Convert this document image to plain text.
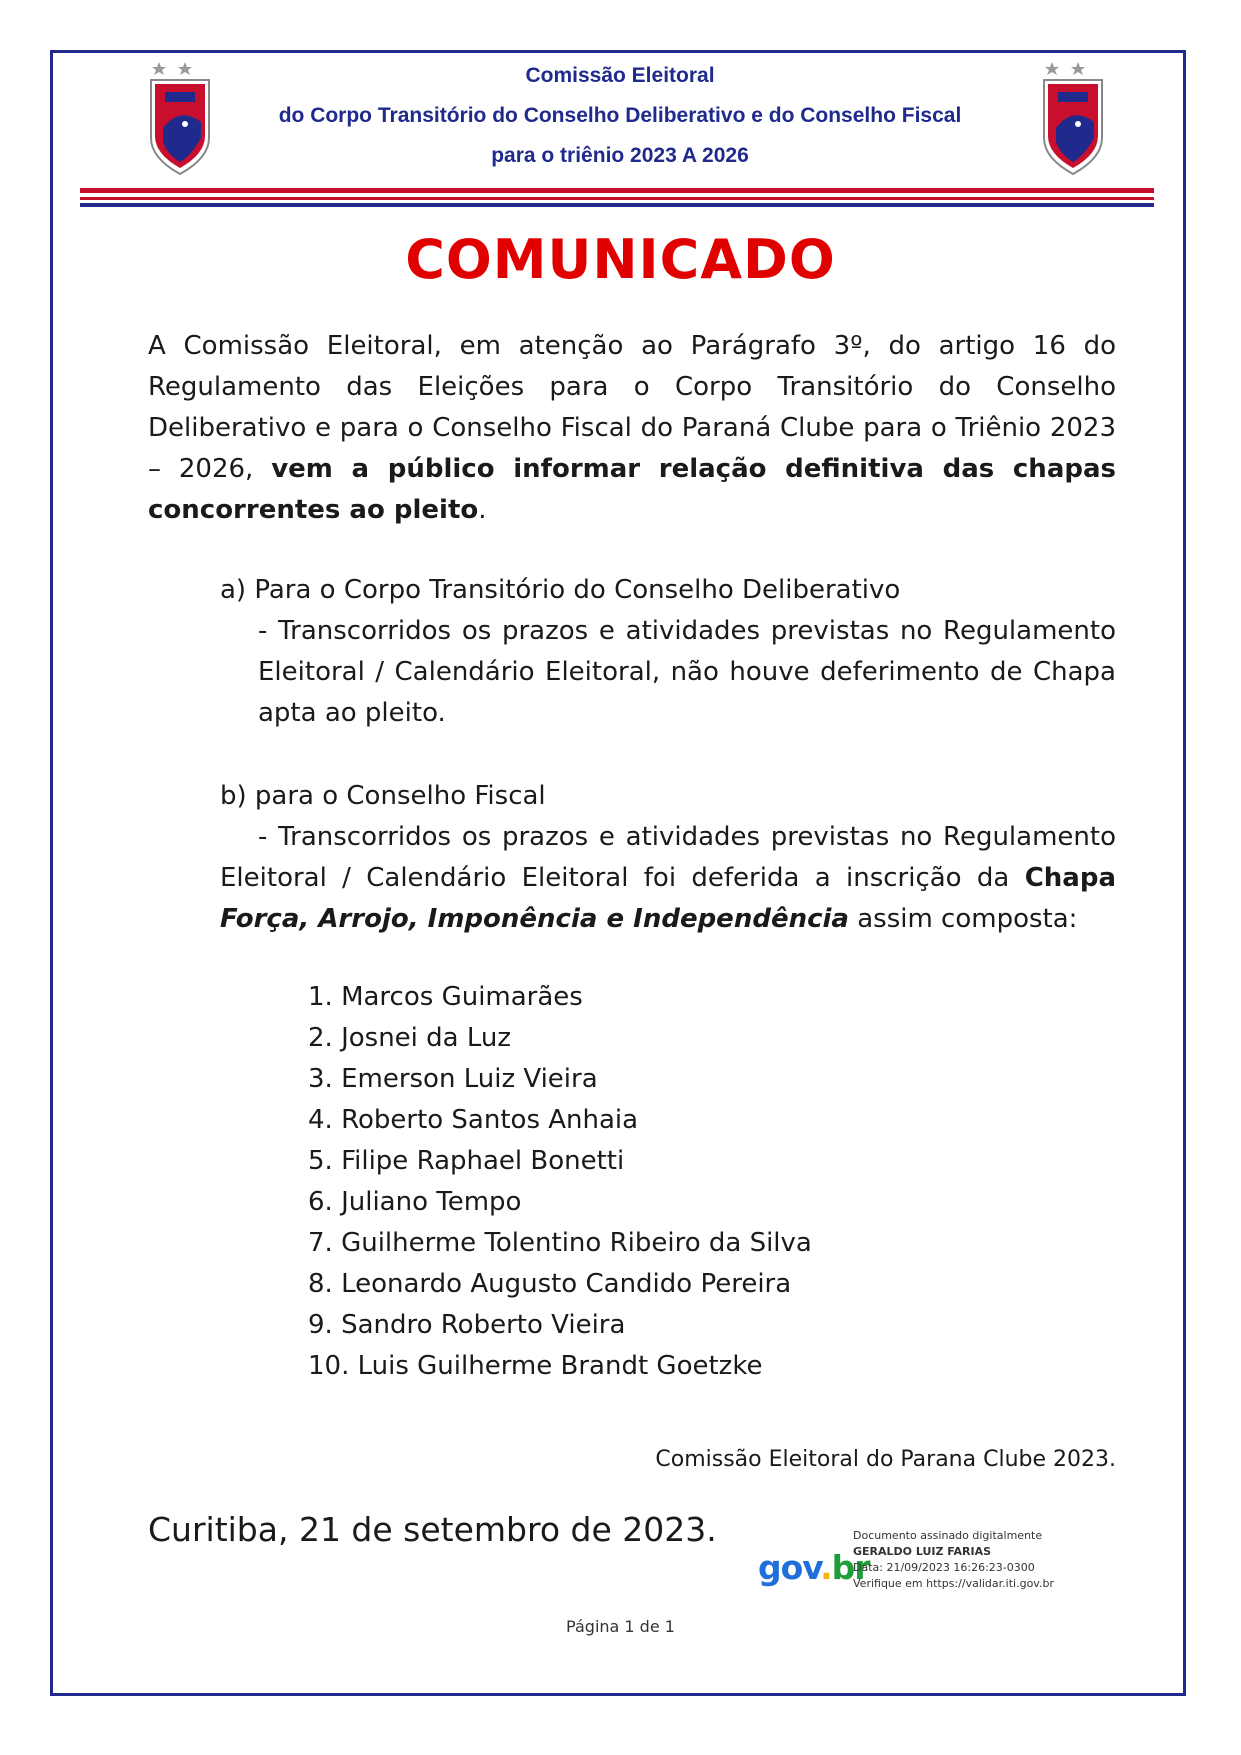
Comissão Eleitoral
do Corpo Transitório do Conselho Deliberativo e do Conselho Fiscal
para o triênio 2023 A 2026
COMUNICADO

A Comissão Eleitoral, em atenção ao Parágrafo 3º, do artigo 16 do Regulamento das Eleições para o Corpo Transitório do Conselho Deliberativo e para o Conselho Fiscal do Paraná Clube para o Triênio 2023 – 2026, vem a público informar relação definitiva das chapas concorrentes ao pleito.

a) Para o Corpo Transitório do Conselho Deliberativo
- Transcorridos os prazos e atividades previstas no Regulamento Eleitoral / Calendário Eleitoral, não houve deferimento de Chapa apta ao pleito.
b) para o Conselho Fiscal
- Transcorridos os prazos e atividades previstas no Regulamento Eleitoral / Calendário Eleitoral foi deferida a inscrição da Chapa Força, Arrojo, Imponência e Independência assim composta:
1. Marcos Guimarães
2. Josnei da Luz
3. Emerson Luiz Vieira
4. Roberto Santos Anhaia
5. Filipe Raphael Bonetti
6. Juliano Tempo
7. Guilherme Tolentino Ribeiro da Silva
8. Leonardo Augusto Candido Pereira
9. Sandro Roberto Vieira
10. Luis Guilherme Brandt Goetzke
Comissão Eleitoral do Parana Clube 2023.
Curitiba, 21 de setembro de 2023.
gov.br
Documento assinado digitalmente
GERALDO LUIZ FARIAS
Data: 21/09/2023 16:26:23-0300
Verifique em https://validar.iti.gov.br
Página 1 de 1
